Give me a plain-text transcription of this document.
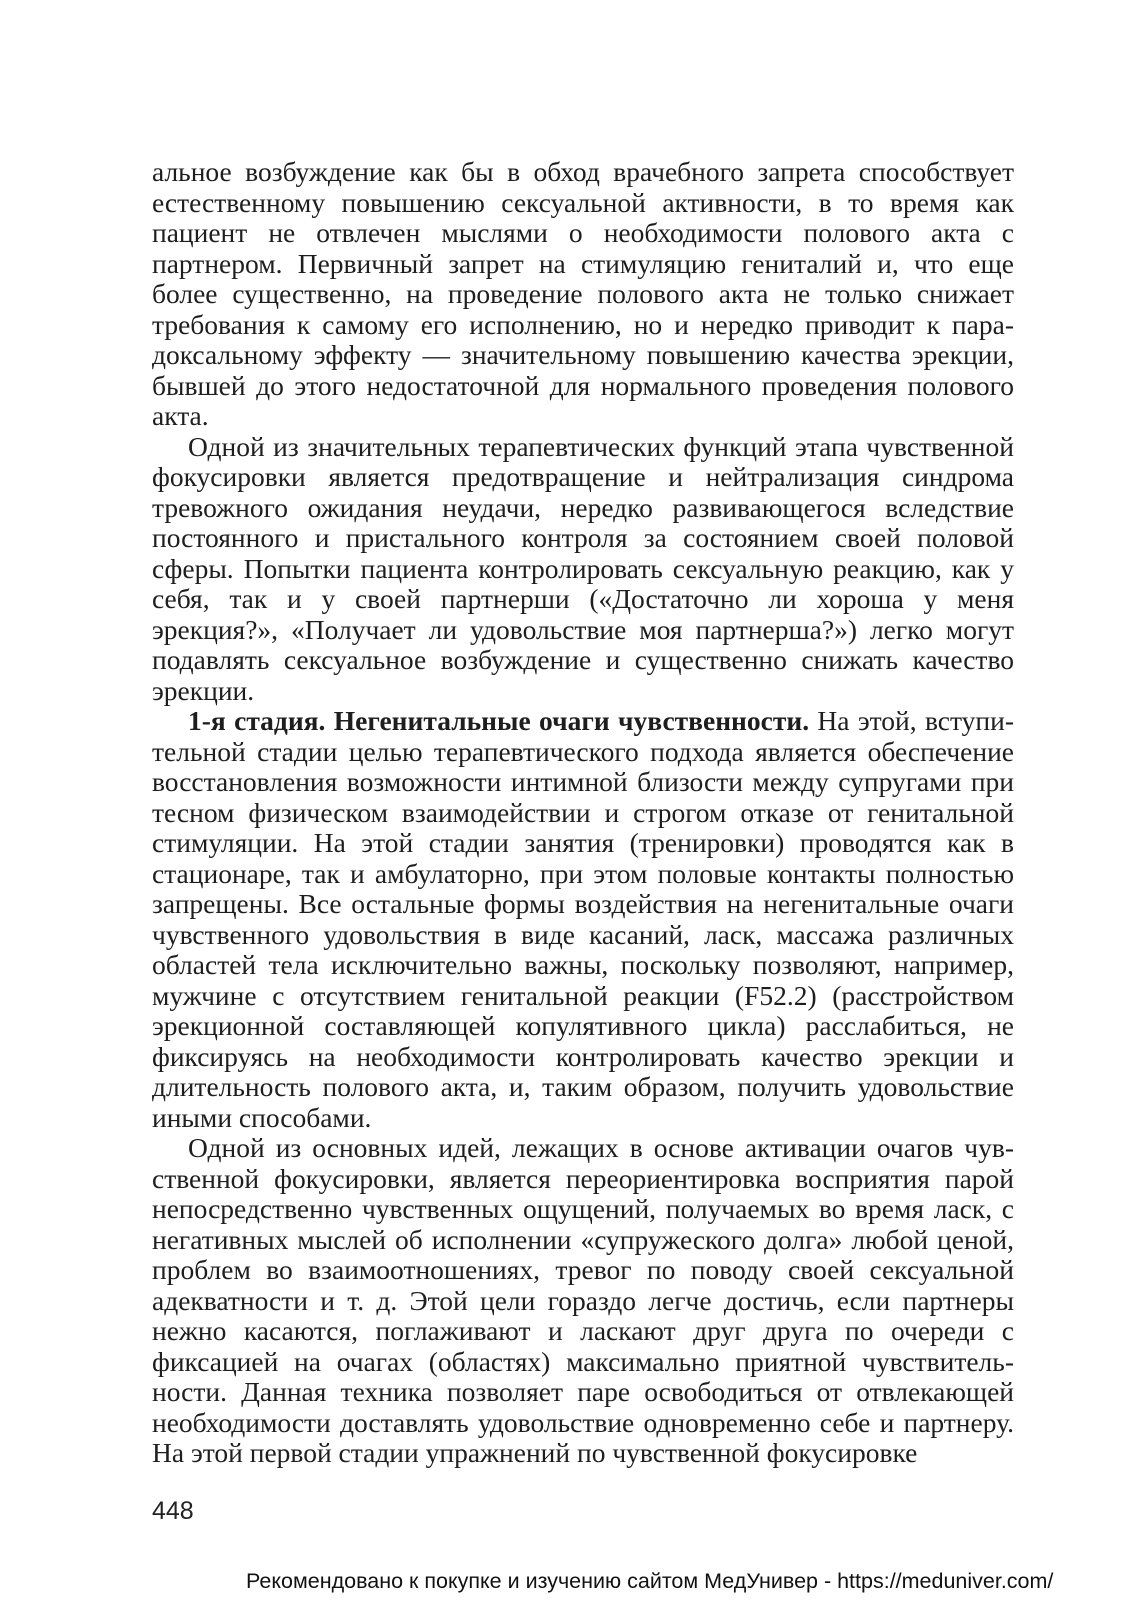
альное возбуждение как бы в обход врачебного запрета способствует естественному повышению сексуальной активности, в то время как пациент не отвлечен мыслями о необходимости полового акта с партнером. Первичный запрет на стимуляцию гениталий и, что еще более существенно, на проведение полового акта не только снижает требования к самому его исполнению, но и нередко приводит к парадоксальному эффекту — значительному повышению качества эрекции, бывшей до этого недостаточной для нормального проведения полового акта.

Одной из значительных терапевтических функций этапа чувственной фокусировки является предотвращение и нейтрализация синдрома тревожного ожидания неудачи, нередко развивающегося вследствие постоянного и пристального контроля за состоянием своей половой сферы. Попытки пациента контролировать сексуальную реакцию, как у себя, так и у своей партнерши («Достаточно ли хороша у меня эрекция?», «Получает ли удовольствие моя партнерша?») легко могут подавлять сексуальное возбуждение и существенно снижать качество эрекции.

1-я стадия. Негенитальные очаги чувственности. На этой, вступительной стадии целью терапевтического подхода является обеспечение восстановления возможности интимной близости между супругами при тесном физическом взаимодействии и строгом отказе от генитальной стимуляции. На этой стадии занятия (тренировки) проводятся как в стационаре, так и амбулаторно, при этом половые контакты полностью запрещены. Все остальные формы воздействия на негенитальные очаги чувственного удовольствия в виде касаний, ласк, массажа различных областей тела исключительно важны, поскольку позволяют, например, мужчине с отсутствием генитальной реакции (F52.2) (расстройством эрекционной составляющей копулятивного цикла) расслабиться, не фиксируясь на необходимости контролировать качество эрекции и длительность полового акта, и, таким образом, получить удовольствие иными способами.

Одной из основных идей, лежащих в основе активации очагов чувственной фокусировки, является переориентировка восприятия парой непосредственно чувственных ощущений, получаемых во время ласк, с негативных мыслей об исполнении «супружеского долга» любой ценой, проблем во взаимоотношениях, тревог по поводу своей сексуальной адекватности и т. д. Этой цели гораздо легче достичь, если партнеры нежно касаются, поглаживают и ласкают друг друга по очереди с фиксацией на очагах (областях) максимально приятной чувствительности. Данная техника позволяет паре освободиться от отвлекающей необходимости доставлять удовольствие одновременно себе и партнеру. На этой первой стадии упражнений по чувственной фокусировке

448
Рекомендовано к покупке и изучению сайтом МедУнивер - https://meduniver.com/
